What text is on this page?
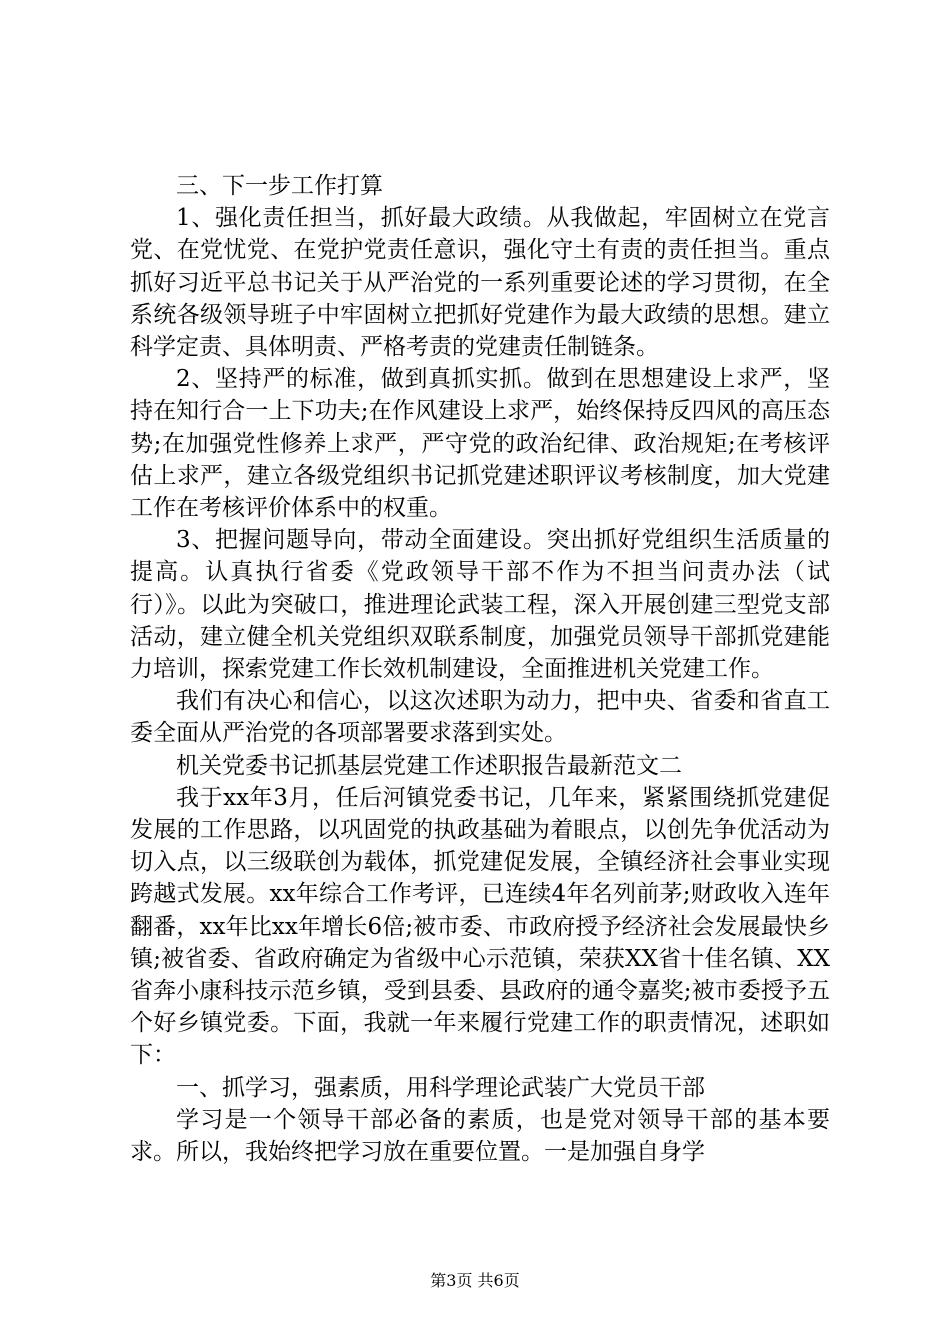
三、下一步工作打算

1、强化责任担当，抓好最大政绩。从我做起，牢固树立在党言党、在党忧党、在党护党责任意识，强化守土有责的责任担当。重点抓好习近平总书记关于从严治党的一系列重要论述的学习贯彻，在全系统各级领导班子中牢固树立把抓好党建作为最大政绩的思想。建立科学定责、具体明责、严格考责的党建责任制链条。

2、坚持严的标准，做到真抓实抓。做到在思想建设上求严，坚持在知行合一上下功夫;在作风建设上求严，始终保持反四风的高压态势;在加强党性修养上求严，严守党的政治纪律、政治规矩;在考核评估上求严，建立各级党组织书记抓党建述职评议考核制度，加大党建工作在考核评价体系中的权重。

3、把握问题导向，带动全面建设。突出抓好党组织生活质量的提高。认真执行省委《党政领导干部不作为不担当问责办法（试行）》。以此为突破口，推进理论武装工程，深入开展创建三型党支部活动，建立健全机关党组织双联系制度，加强党员领导干部抓党建能力培训，探索党建工作长效机制建设，全面推进机关党建工作。

我们有决心和信心，以这次述职为动力，把中央、省委和省直工委全面从严治党的各项部署要求落到实处。

机关党委书记抓基层党建工作述职报告最新范文二

我于xx年3月，任后河镇党委书记，几年来，紧紧围绕抓党建促发展的工作思路，以巩固党的执政基础为着眼点，以创先争优活动为切入点，以三级联创为载体，抓党建促发展，全镇经济社会事业实现跨越式发展。xx年综合工作考评，已连续4年名列前茅;财政收入连年翻番，xx年比xx年增长6倍;被市委、市政府授予经济社会发展最快乡镇;被省委、省政府确定为省级中心示范镇，荣获XX省十佳名镇、XX省奔小康科技示范乡镇，受到县委、县政府的通令嘉奖;被市委授予五个好乡镇党委。下面，我就一年来履行党建工作的职责情况，述职如下：

一、抓学习，强素质，用科学理论武装广大党员干部

学习是一个领导干部必备的素质，也是党对领导干部的基本要求。所以，我始终把学习放在重要位置。一是加强自身学

第3页 共6页
